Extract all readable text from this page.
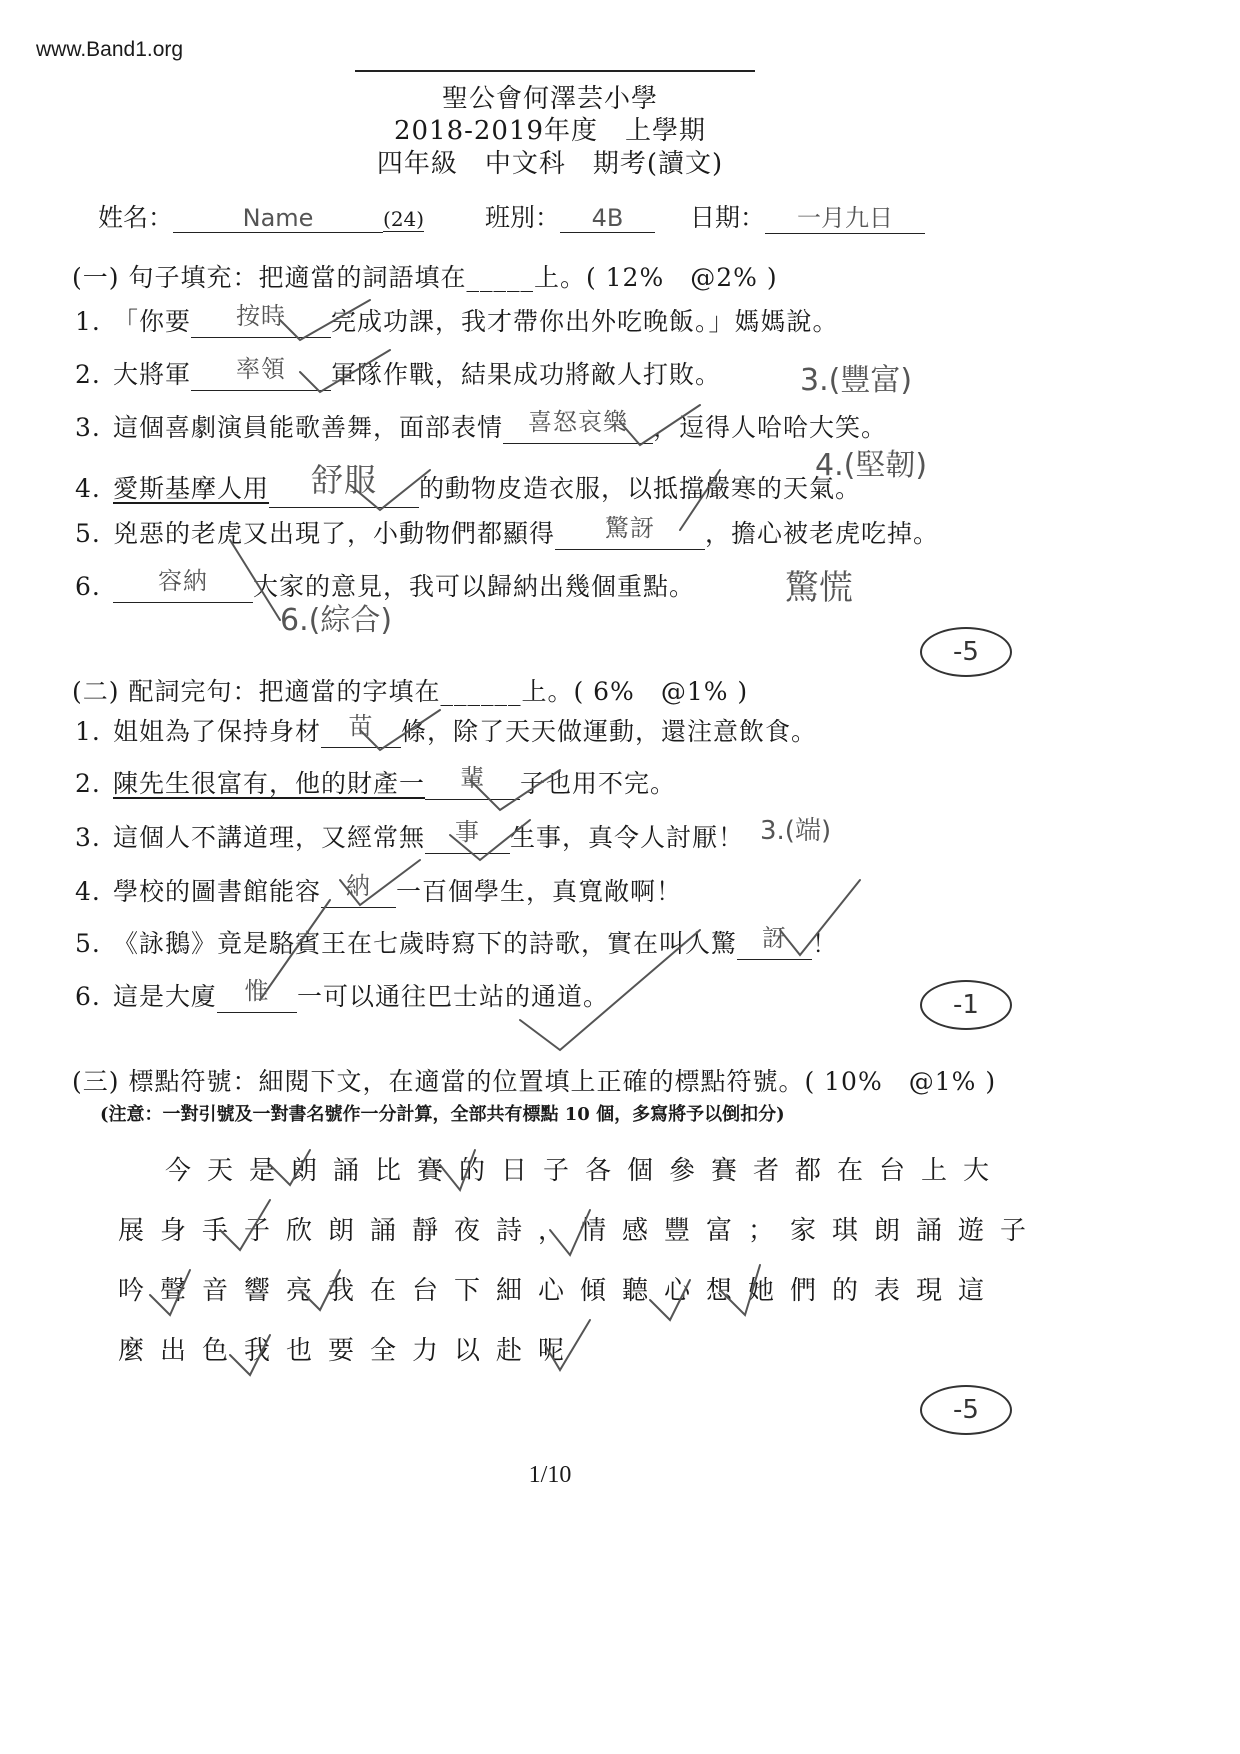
www.Band1.org
聖公會何澤芸小學
2018-2019年度　上學期
四年級　中文科　期考(讀文)
姓名：	Name	(24) 班別： 4B	日期： 一月九日
(一) 句子填充：把適當的詞語填在_____上。( 12%　@2% )
1. 「你要 按時 完成功課，我才帶你出外吃晚飯。」媽媽說。
2. 大將軍 率領 軍隊作戰，結果成功將敵人打敗。
3. 這個喜劇演員能歌善舞，面部表情 喜怒哀樂 ，逗得人哈哈大笑。
4. 愛斯基摩人用 舒服 的動物皮造衣服，以抵擋嚴寒的天氣。
5. 兇惡的老虎又出現了，小動物們都顯得 驚訝 ，擔心被老虎吃掉。
6. 容納 大家的意見，我可以歸納出幾個重點。
3.(豐富)
4.(堅韌)
驚慌
6.(綜合)
-5
(二) 配詞完句：把適當的字填在______上。( 6%　@1% )
1. 姐姐為了保持身材 苗 條，除了天天做運動，還注意飲食。
2. 陳先生很富有，他的財產一 輩 子也用不完。
3. 這個人不講道理，又經常無 事 生事，真令人討厭！
4. 學校的圖書館能容 納 一百個學生，真寬敞啊！
5. 《詠鵝》竟是駱賓王在七歲時寫下的詩歌，實在叫人驚 訝 ！
6. 這是大廈 惟 一可以通往巴士站的通道。
3.(端)
-1
(三) 標點符號：細閱下文，在適當的位置填上正確的標點符號。( 10%　@1% )
(注意：一對引號及一對書名號作一分計算，全部共有標點 10 個，多寫將予以倒扣分)
今天是朗誦比賽的日子各個參賽者都在台上大
展身手子欣朗誦靜夜詩，情感豐富；家琪朗誦遊子
吟聲音響亮我在台下細心傾聽心想她們的表現這
麼出色我也要全力以赴呢
-5
1/10
